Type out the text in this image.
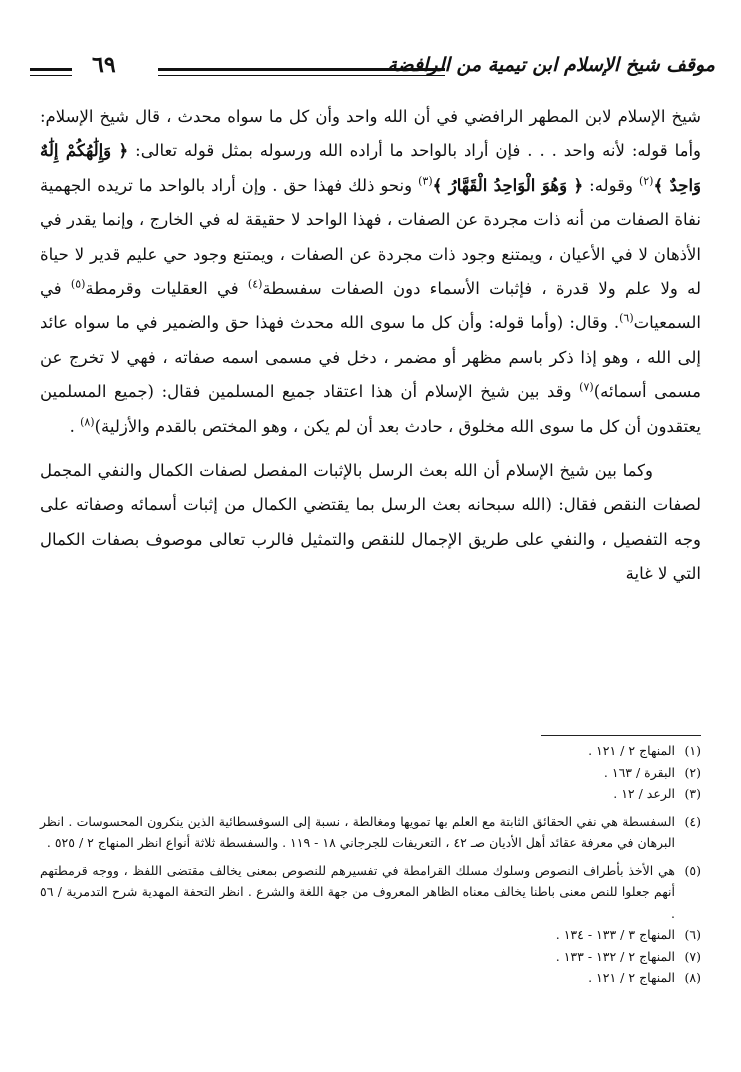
موقف شيخ الإسلام ابن تيمية من الرافضة
٦٩

شيخ الإسلام لابن المطهر الرافضي في أن الله واحد وأن كل ما سواه محدث ، قال شيخ الإسلام: وأما قوله: لأنه واحد . . . فإن أراد بالواحد ما أراده الله ورسوله بمثل قوله تعالى: ﴿ وَإِلَٰهُكُمْ إِلَٰهٌ وَاحِدٌ ﴾$^{(٢)}$ وقوله: ﴿ وَهُوَ الْوَاحِدُ الْقَهَّارُ ﴾$^{(٣)}$ ونحو ذلك فهذا حق . وإن أراد بالواحد ما تريده الجهمية نفاة الصفات من أنه ذات مجردة عن الصفات ، فهذا الواحد لا حقيقة له في الخارج ، وإنما يقدر في الأذهان لا في الأعيان ، ويمتنع وجود ذات مجردة عن الصفات ، ويمتنع وجود حي عليم قدير لا حياة له ولا علم ولا قدرة ، فإثبات الأسماء دون الصفات سفسطة$^{(٤)}$ في العقليات وقرمطة$^{(٥)}$ في السمعيات$^{(٦)}$. وقال: (وأما قوله: وأن كل ما سوى الله محدث فهذا حق والضمير في ما سواه عائد إلى الله ، وهو إذا ذكر باسم مظهر أو مضمر ، دخل في مسمى اسمه صفاته ، فهي لا تخرج عن مسمى أسمائه)$^{(٧)}$ وقد بين شيخ الإسلام أن هذا اعتقاد جميع المسلمين فقال: (جميع المسلمين يعتقدون أن كل ما سوى الله مخلوق ، حادث بعد أن لم يكن ، وهو المختص بالقدم والأزلية)$^{(٨)}$ .

وكما بين شيخ الإسلام أن الله بعث الرسل بالإثبات المفصل لصفات الكمال والنفي المجمل لصفات النقص فقال: (الله سبحانه بعث الرسل بما يقتضي الكمال من إثبات أسمائه وصفاته على وجه التفصيل ، والنفي على طريق الإجمال للنقص والتمثيل فالرب تعالى موصوف بصفات الكمال التي لا غاية

(١)
المنهاج ٢ / ١٢١ .
(٢)
البقرة / ١٦٣ .
(٣)
الرعد / ١٢ .
(٤)
السفسطة هي نفي الحقائق الثابتة مع العلم بها تمويها ومغالطة ، نسبة إلى السوفسطائية الذين ينكرون المحسوسات . انظر البرهان في معرفة عقائد أهل الأديان صـ ٤٢ ، التعريفات للجرجاني ١٨ - ١١٩ . والسفسطة ثلاثة أنواع انظر المنهاج ٢ / ٥٢٥ .
(٥)
هي الأخذ بأطراف النصوص وسلوك مسلك القرامطة في تفسيرهم للنصوص بمعنى يخالف مقتضى اللفظ ، ووجه قرمطتهم أنهم جعلوا للنص معنى باطنا يخالف معناه الظاهر المعروف من جهة اللغة والشرع . انظر التحفة المهدية شرح التدمرية / ٥٦ .
(٦)
المنهاج ٣ / ١٣٣ - ١٣٤ .
(٧)
المنهاج ٢ / ١٣٢ - ١٣٣ .
(٨)
المنهاج ٢ / ١٢١ .
